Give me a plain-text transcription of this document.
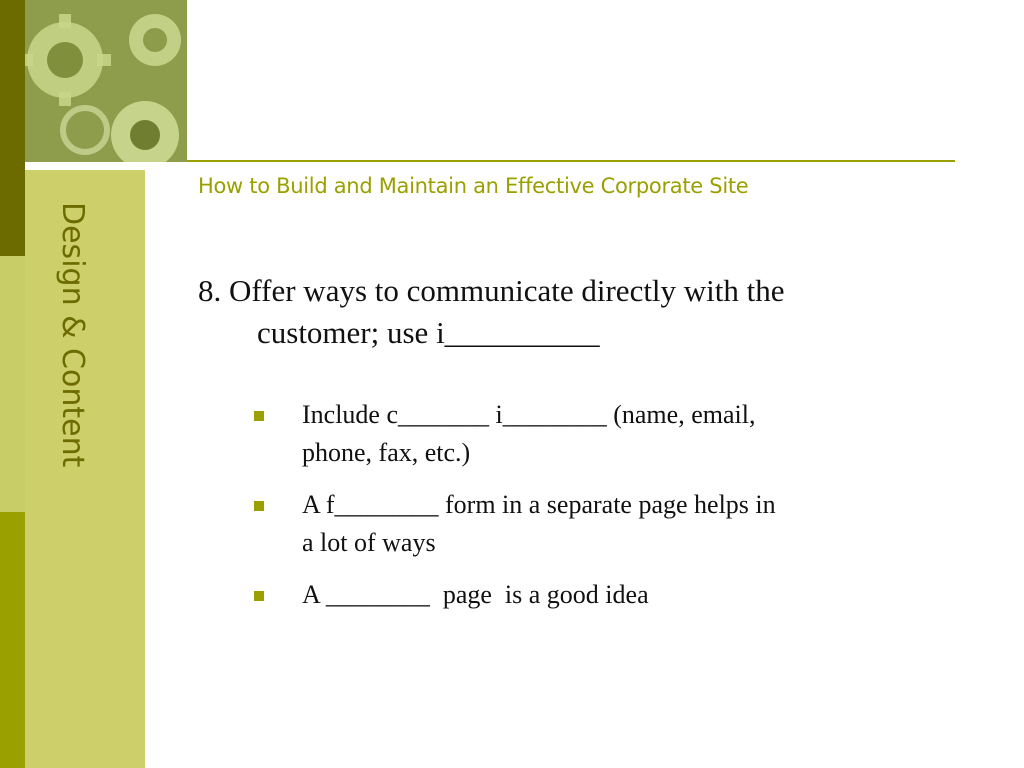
Design & Content
How to Build and Maintain an Effective Corporate Site
8. Offer ways to communicate directly with the
customer; use i__________
Include c_______ i________ (name, email,
phone, fax, etc.)
A f________ form in a separate page helps in
a lot of ways
A ________  page  is a good idea
